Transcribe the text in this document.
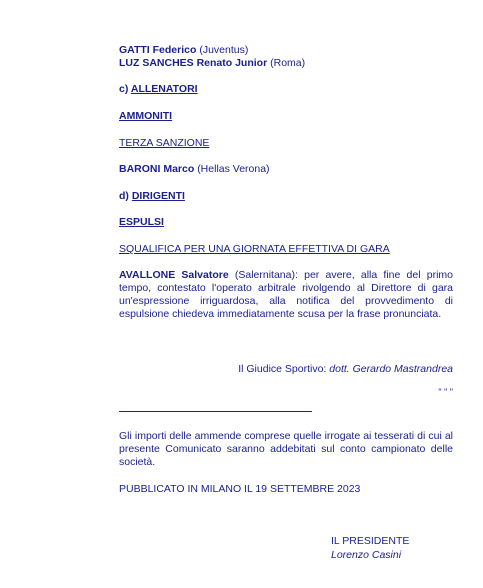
GATTI Federico (Juventus)
LUZ SANCHES Renato Junior (Roma)
c) ALLENATORI
AMMONITI
TERZA SANZIONE
BARONI Marco (Hellas Verona)
d) DIRIGENTI
ESPULSI
SQUALIFICA PER UNA GIORNATA EFFETTIVA DI GARA
AVALLONE Salvatore (Salernitana): per avere, alla fine del primo tempo, contestato l'operato arbitrale rivolgendo al Direttore di gara un'espressione irriguardosa, alla notifica del provvedimento di espulsione chiedeva immediatamente scusa per la frase pronunciata.
Il Giudice Sportivo: dott. Gerardo Mastrandrea
" " "
Gli importi delle ammende comprese quelle irrogate ai tesserati di cui al presente Comunicato saranno addebitati sul conto campionato delle società.
PUBBLICATO IN MILANO IL 19 SETTEMBRE 2023
IL PRESIDENTE
Lorenzo Casini
